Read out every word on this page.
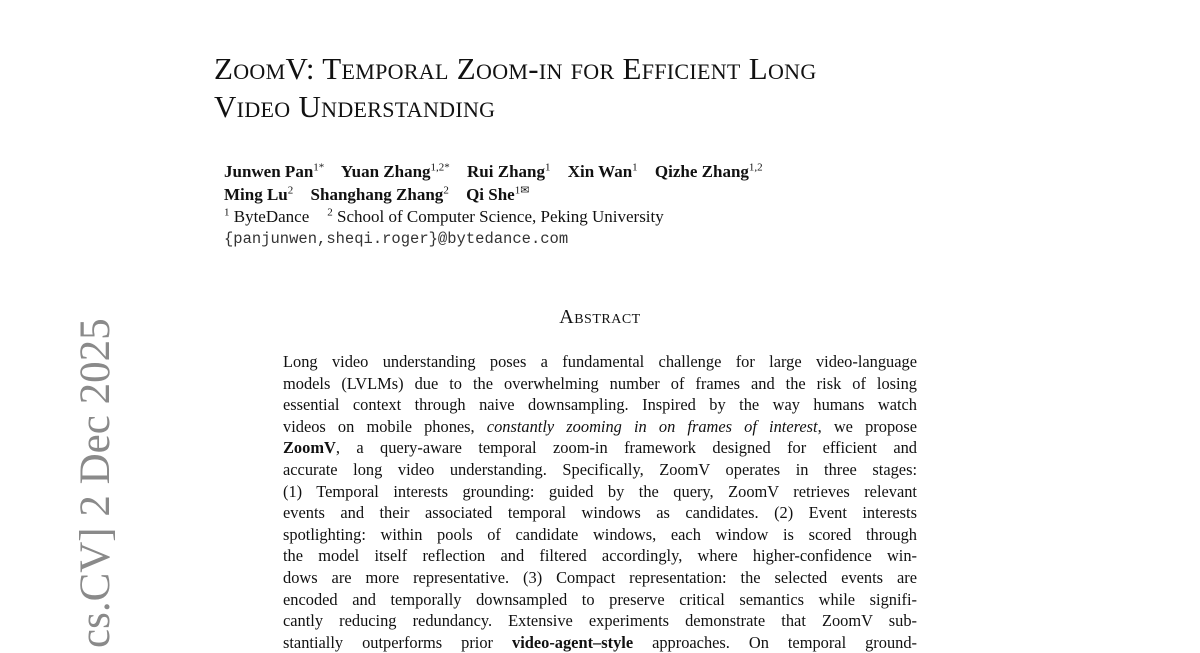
cs.CV] 2 Dec 2025
ZoomV: Temporal Zoom-in for Efficient Long
Video Understanding
Junwen Pan$^{1*}$ Yuan Zhang$^{1,2*}$ Rui Zhang$^1$ Xin Wan$^1$ Qizhe Zhang$^{1,2}$
Ming Lu$^2$ Shanghang Zhang$^2$ Qi She$^{1✉}$
$^1$ ByteDance $^2$ School of Computer Science, Peking University
{panjunwen,sheqi.roger}@bytedance.com
Abstract
Long video understanding poses a fundamental challenge for large video-language
models (LVLMs) due to the overwhelming number of frames and the risk of losing
essential context through naive downsampling. Inspired by the way humans watch
videos on mobile phones, constantly zooming in on frames of interest, we propose
ZoomV, a query-aware temporal zoom-in framework designed for efficient and
accurate long video understanding. Specifically, ZoomV operates in three stages:
(1) Temporal interests grounding: guided by the query, ZoomV retrieves relevant
events and their associated temporal windows as candidates. (2) Event interests
spotlighting: within pools of candidate windows, each window is scored through
the model itself reflection and filtered accordingly, where higher-confidence win-
dows are more representative. (3) Compact representation: the selected events are
encoded and temporally downsampled to preserve critical semantics while signifi-
cantly reducing redundancy. Extensive experiments demonstrate that ZoomV sub-
stantially outperforms prior video-agent–style approaches. On temporal ground-
